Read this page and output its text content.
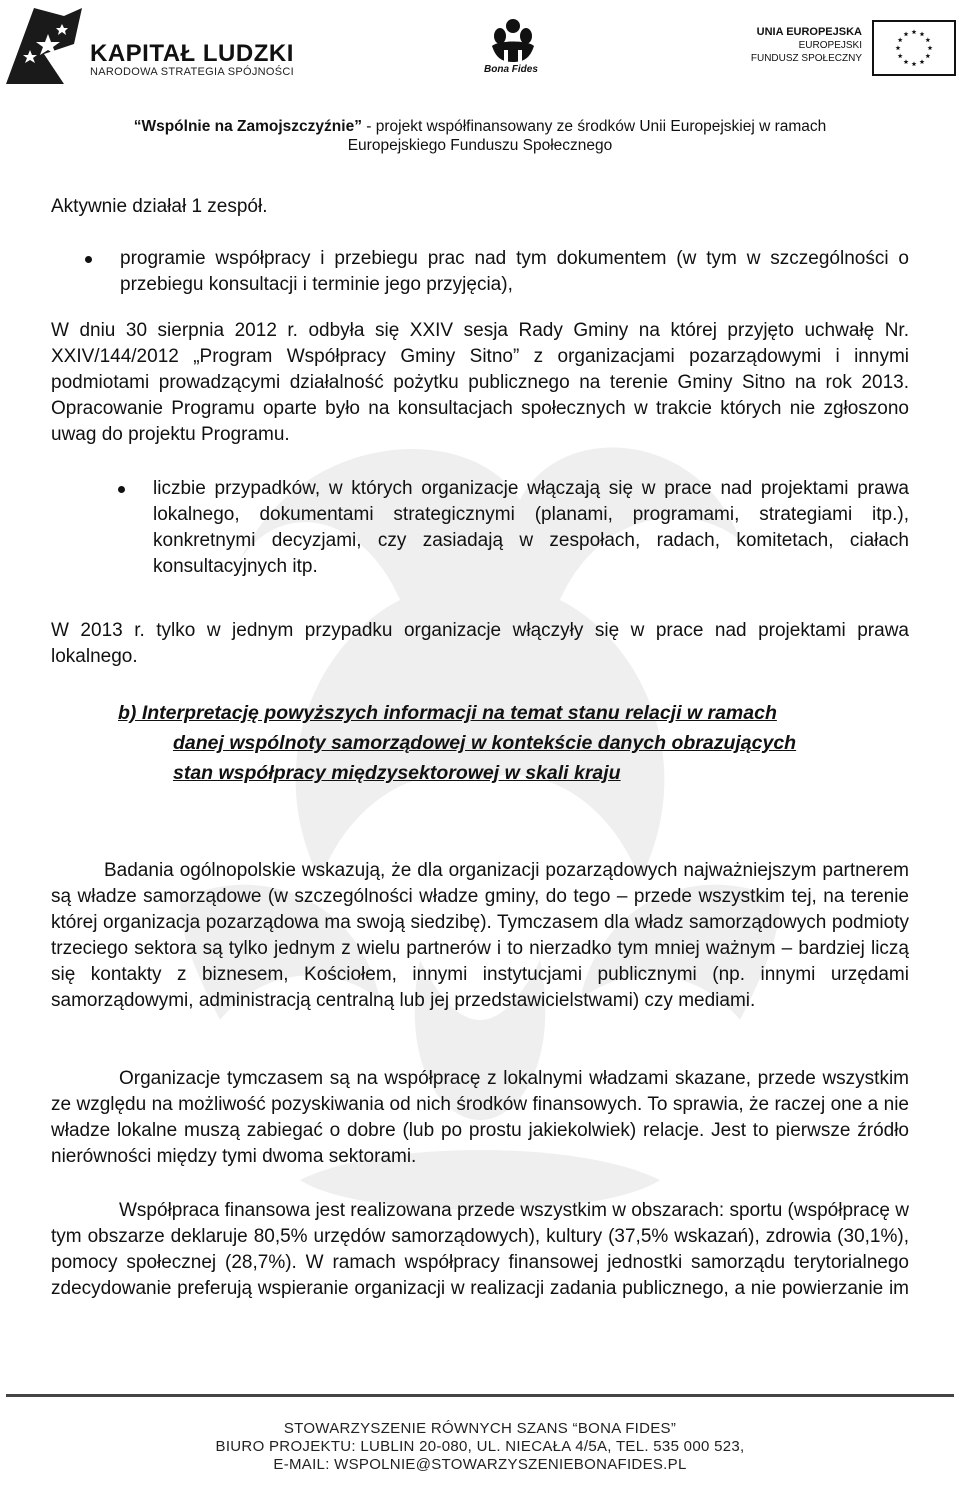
KAPITAŁ LUDZKI
NARODOWA STRATEGIA SPÓJNOŚCI	Bona Fides
UNIA EUROPEJSKA
EUROPEJSKI
FUNDUSZ SPOŁECZNY
“Wspólnie na Zamojszczyźnie” - projekt współfinansowany ze środków Unii Europejskiej w ramach
Europejskiego Funduszu Społecznego

Aktywnie działał 1 zespół.

programie współpracy i przebiegu prac nad tym dokumentem (w tym w szczególności o przebiegu konsultacji i terminie jego przyjęcia),

W dniu 30 sierpnia 2012 r. odbyła się XXIV sesja Rady Gminy na której przyjęto uchwałę Nr. XXIV/144/2012 „Program Współpracy Gminy Sitno” z organizacjami pozarządowymi i innymi podmiotami prowadzącymi działalność pożytku publicznego na terenie Gminy Sitno na rok 2013. Opracowanie Programu oparte było na konsultacjach społecznych w trakcie których nie zgłoszono uwag do projektu Programu.

liczbie przypadków, w których organizacje włączają się w prace nad projektami prawa lokalnego, dokumentami strategicznymi (planami, programami, strategiami itp.), konkretnymi decyzjami, czy zasiadają w zespołach, radach, komitetach, ciałach konsultacyjnych itp.

W 2013 r. tylko w jednym przypadku organizacje włączyły się w prace nad projektami prawa lokalnego.

b) Interpretację powyższych informacji na temat stanu relacji w ramach

danej wspólnoty samorządowej w kontekście danych obrazujących
stan współpracy międzysektorowej w skali kraju

Badania ogólnopolskie wskazują, że dla organizacji pozarządowych najważniejszym partnerem są władze samorządowe (w szczególności władze gminy, do tego – przede wszystkim tej, na terenie której organizacja pozarządowa ma swoją siedzibę). Tymczasem dla władz samorządowych podmioty trzeciego sektora są tylko jednym z wielu partnerów i to nierzadko tym mniej ważnym – bardziej liczą się kontakty z biznesem, Kościołem, innymi instytucjami publicznymi (np. innymi urzędami samorządowymi, administracją centralną lub jej przedstawicielstwami) czy mediami.

Organizacje tymczasem są na współpracę z lokalnymi władzami skazane, przede wszystkim ze względu na możliwość pozyskiwania od nich środków finansowych. To sprawia, że raczej one a nie władze lokalne muszą zabiegać o dobre (lub po prostu jakiekolwiek) relacje. Jest to pierwsze źródło nierówności między tymi dwoma sektorami.

Współpraca finansowa jest realizowana przede wszystkim w obszarach: sportu (współpracę w tym obszarze deklaruje 80,5% urzędów samorządowych), kultury (37,5% wskazań), zdrowia (30,1%), pomocy społecznej (28,7%). W ramach współpracy finansowej jednostki samorządu terytorialnego zdecydowanie preferują wspieranie organizacji w realizacji zadania publicznego, a nie powierzanie im

STOWARZYSZENIE RÓWNYCH SZANS “BONA FIDES”
BIURO PROJEKTU: LUBLIN 20-080, UL. NIECAŁA 4/5A, TEL. 535 000 523,
E-MAIL: WSPOLNIE@STOWARZYSZENIEBONAFIDES.PL
